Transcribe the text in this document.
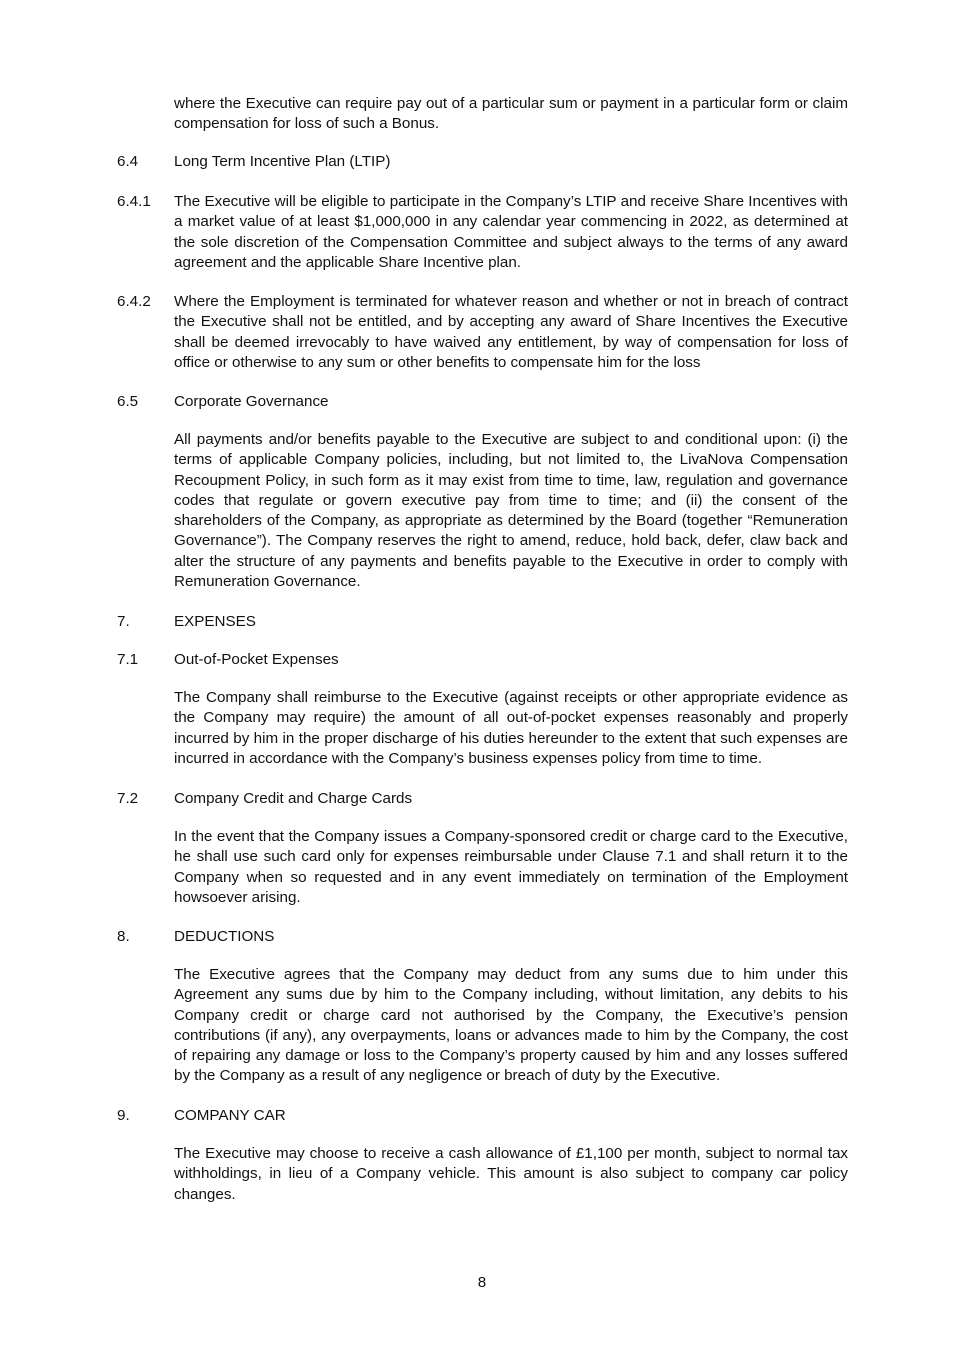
where the Executive can require pay out of a particular sum or payment in a particular form or claim compensation for loss of such a Bonus.

6.4 Long Term Incentive Plan (LTIP)
6.4.1 The Executive will be eligible to participate in the Company’s LTIP and receive Share Incentives with a market value of at least $1,000,000 in any calendar year commencing in 2022, as determined at the sole discretion of the Compensation Committee and subject always to the terms of any award agreement and the applicable Share Incentive plan.

6.4.2 Where the Employment is terminated for whatever reason and whether or not in breach of contract the Executive shall not be entitled, and by accepting any award of Share Incentives the Executive shall be deemed irrevocably to have waived any entitlement, by way of compensation for loss of office or otherwise to any sum or other benefits to compensate him for the loss

6.5 Corporate Governance

All payments and/or benefits payable to the Executive are subject to and conditional upon: (i) the terms of applicable Company policies, including, but not limited to, the LivaNova Compensation Recoupment Policy, in such form as it may exist from time to time, law, regulation and governance codes that regulate or govern executive pay from time to time; and (ii) the consent of the shareholders of the Company, as appropriate as determined by the Board (together “Remuneration Governance”). The Company reserves the right to amend, reduce, hold back, defer, claw back and alter the structure of any payments and benefits payable to the Executive in order to comply with Remuneration Governance.

7.	EXPENSES
7.1 Out-of-Pocket Expenses

The Company shall reimburse to the Executive (against receipts or other appropriate evidence as the Company may require) the amount of all out-of-pocket expenses reasonably and properly incurred by him in the proper discharge of his duties hereunder to the extent that such expenses are incurred in accordance with the Company’s business expenses policy from time to time.

7.2 Company Credit and Charge Cards

In the event that the Company issues a Company-sponsored credit or charge card to the Executive, he shall use such card only for expenses reimbursable under Clause 7.1 and shall return it to the Company when so requested and in any event immediately on termination of the Employment howsoever arising.

8.	DEDUCTIONS

The Executive agrees that the Company may deduct from any sums due to him under this Agreement any sums due by him to the Company including, without limitation, any debits to his Company credit or charge card not authorised by the Company, the Executive’s pension contributions (if any), any overpayments, loans or advances made to him by the Company, the cost of repairing any damage or loss to the Company’s property caused by him and any losses suffered by the Company as a result of any negligence or breach of duty by the Executive.

9.	COMPANY CAR

The Executive may choose to receive a cash allowance of £1,100 per month, subject to normal tax withholdings, in lieu of a Company vehicle. This amount is also subject to company car policy changes.

8
